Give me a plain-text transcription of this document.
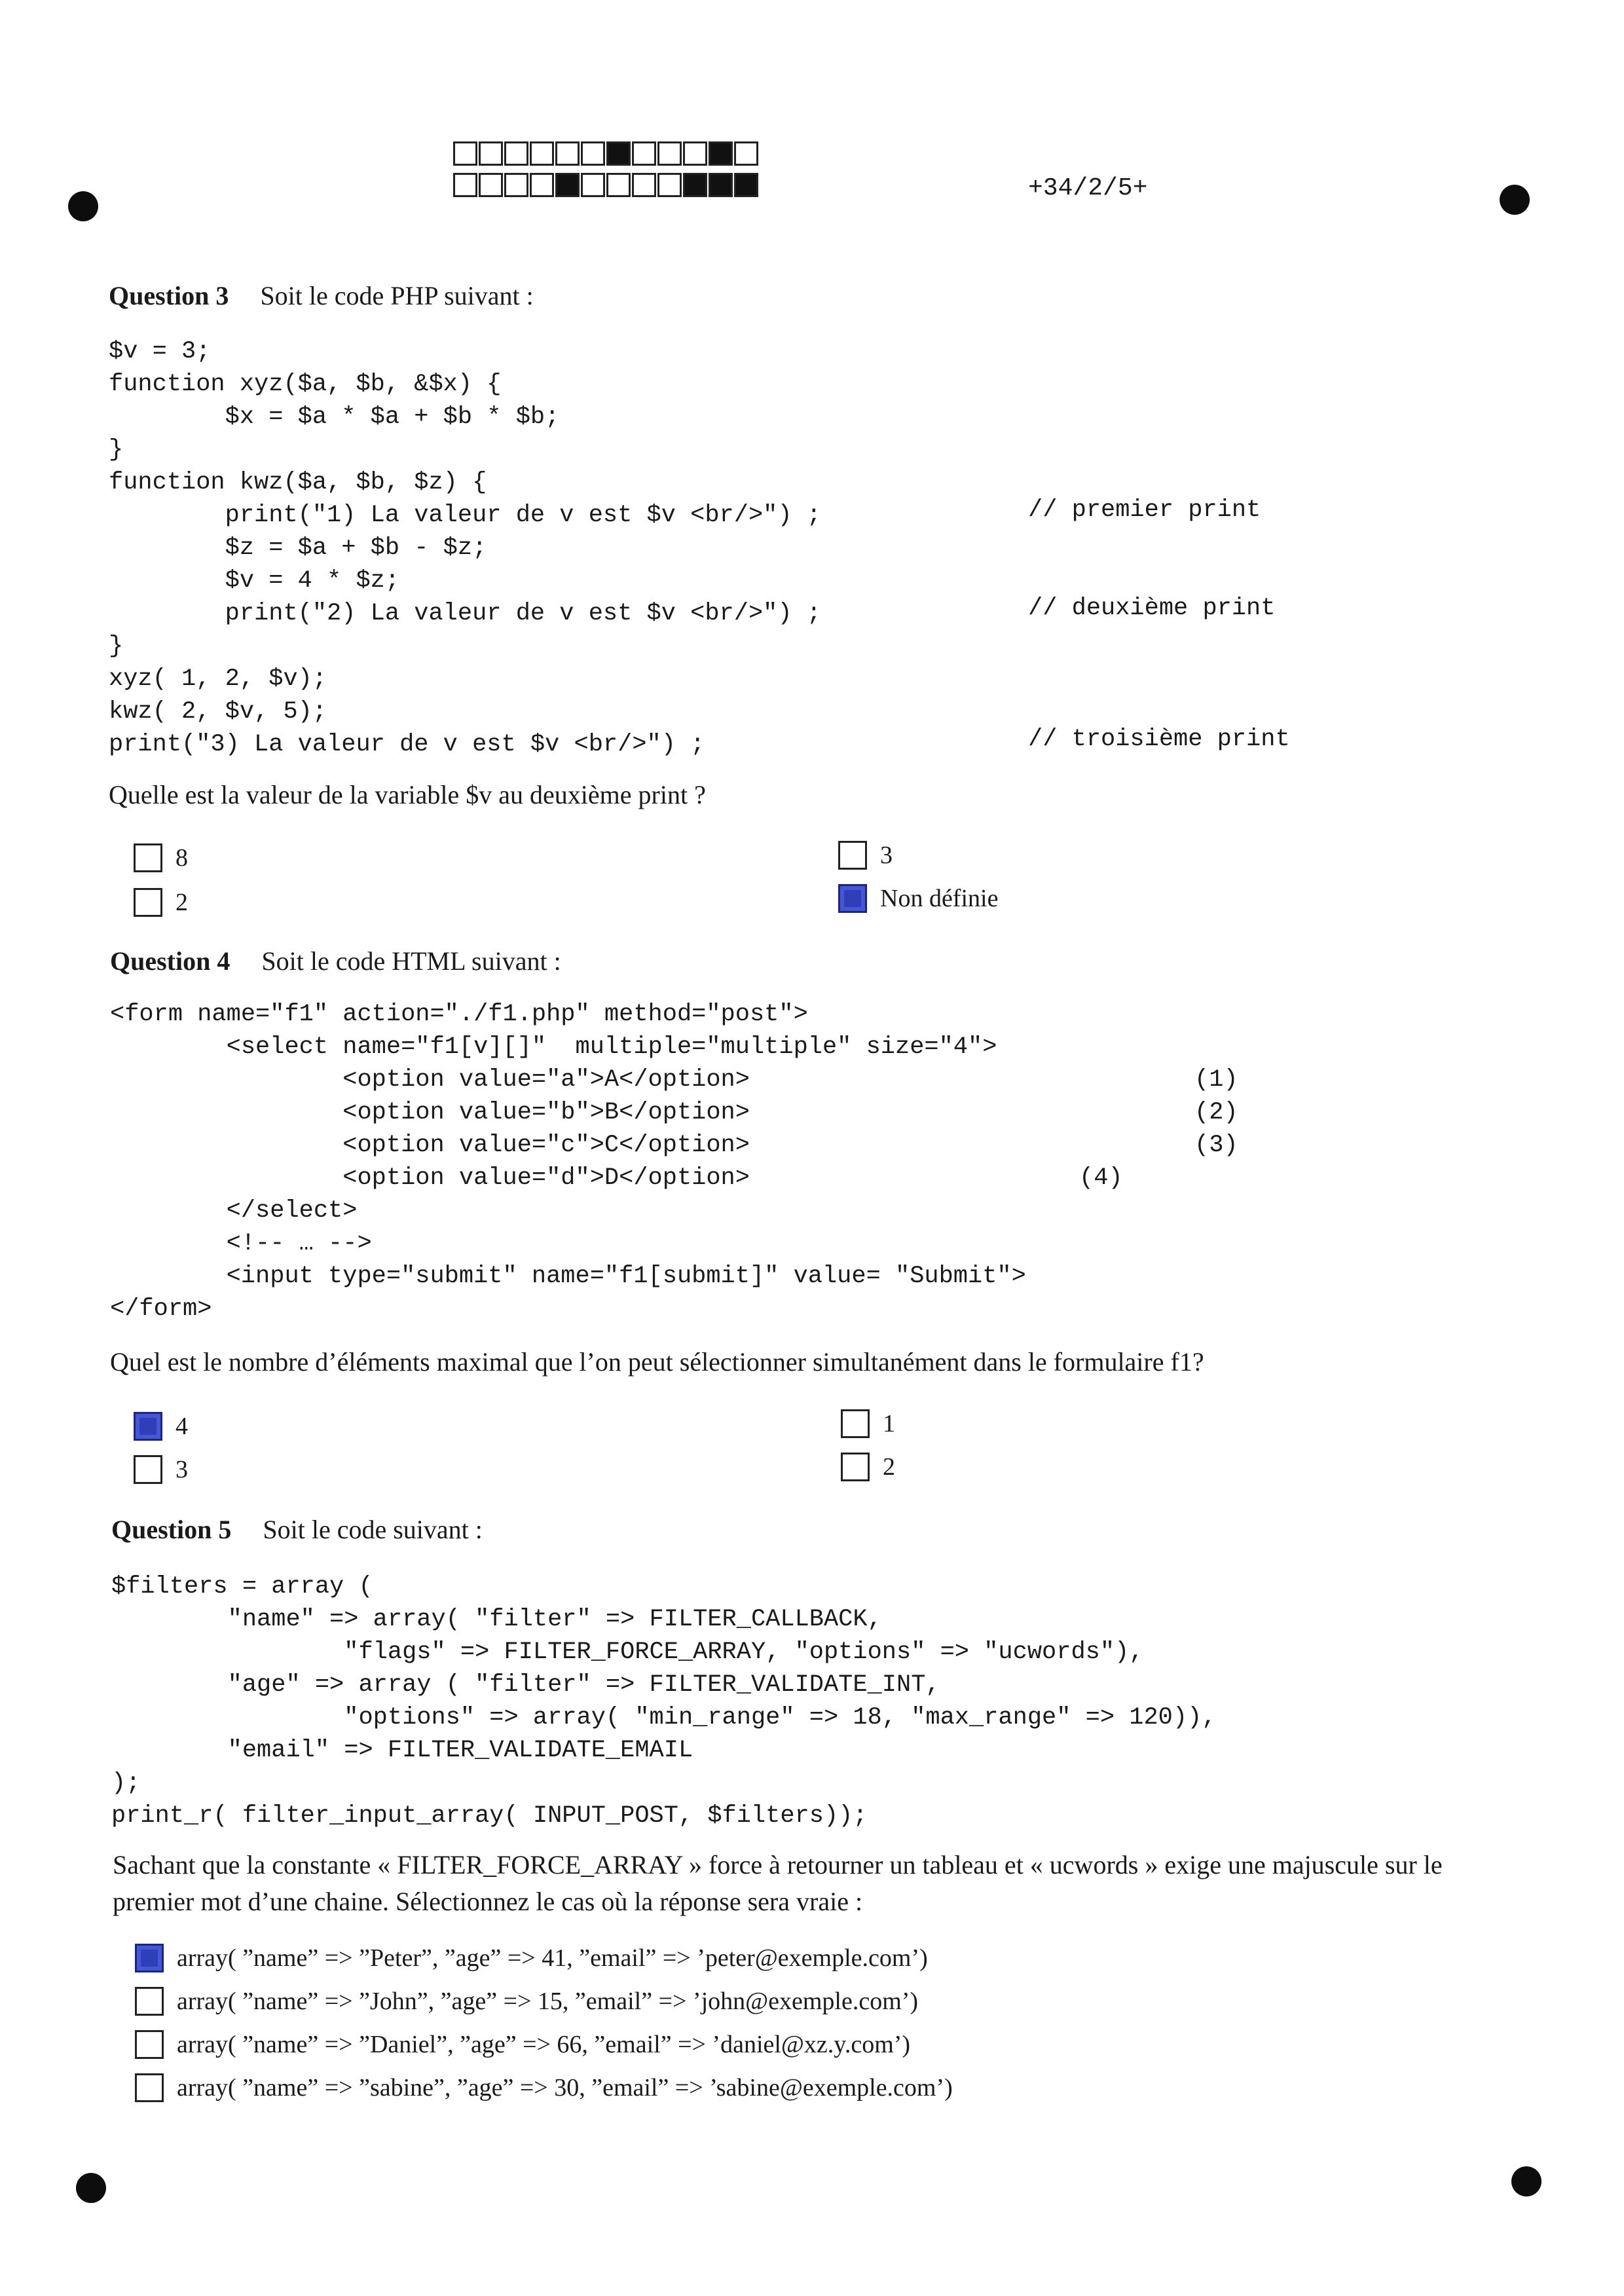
+34/2/5+
Question 3 Soit le code PHP suivant :
$v = 3;
function xyz($a, $b, &$x) {
$x = $a * $a + $b * $b;
}
function kwz($a, $b, $z) {
print("1) La valeur de v est $v <br/>") ;
$z = $a + $b - $z;
$v = 4 * $z;
print("2) La valeur de v est $v <br/>") ;
}
xyz( 1, 2, $v);
kwz( 2, $v, 5);
print("3) La valeur de v est $v <br/>") ;
// premier print
// deuxième print
// troisième print
Quelle est la valeur de la variable $v au deuxième print ?
8
2
3
Non définie
Question 4 Soit le code HTML suivant :
<form name="f1" action="./f1.php" method="post">
<select name="f1[v][]"  multiple="multiple" size="4">
<option value="a">A</option>
<option value="b">B</option>
<option value="c">C</option>
<option value="d">D</option>
</select>
<!-- … -->
<input type="submit" name="f1[submit]" value= "Submit">
</form>
(1)
(2)
(3)
(4)
Quel est le nombre d’éléments maximal que l’on peut sélectionner simultanément dans le formulaire f1?
4
3
1
2
Question 5 Soit le code suivant :
$filters = array (
"name" => array( "filter" => FILTER_CALLBACK,
"flags" => FILTER_FORCE_ARRAY, "options" => "ucwords"),
"age" => array ( "filter" => FILTER_VALIDATE_INT,
"options" => array( "min_range" => 18, "max_range" => 120)),
"email" => FILTER_VALIDATE_EMAIL
);
print_r( filter_input_array( INPUT_POST, $filters));
Sachant que la constante « FILTER_FORCE_ARRAY » force à retourner un tableau et « ucwords » exige une majuscule sur le
premier mot d’une chaine. Sélectionnez le cas où la réponse sera vraie :
array( ”name” => ”Peter”, ”age” => 41, ”email” => ’peter@exemple.com’)
array( ”name” => ”John”, ”age” => 15, ”email” => ’john@exemple.com’)
array( ”name” => ”Daniel”, ”age” => 66, ”email” => ’daniel@xz.y.com’)
array( ”name” => ”sabine”, ”age” => 30, ”email” => ’sabine@exemple.com’)
